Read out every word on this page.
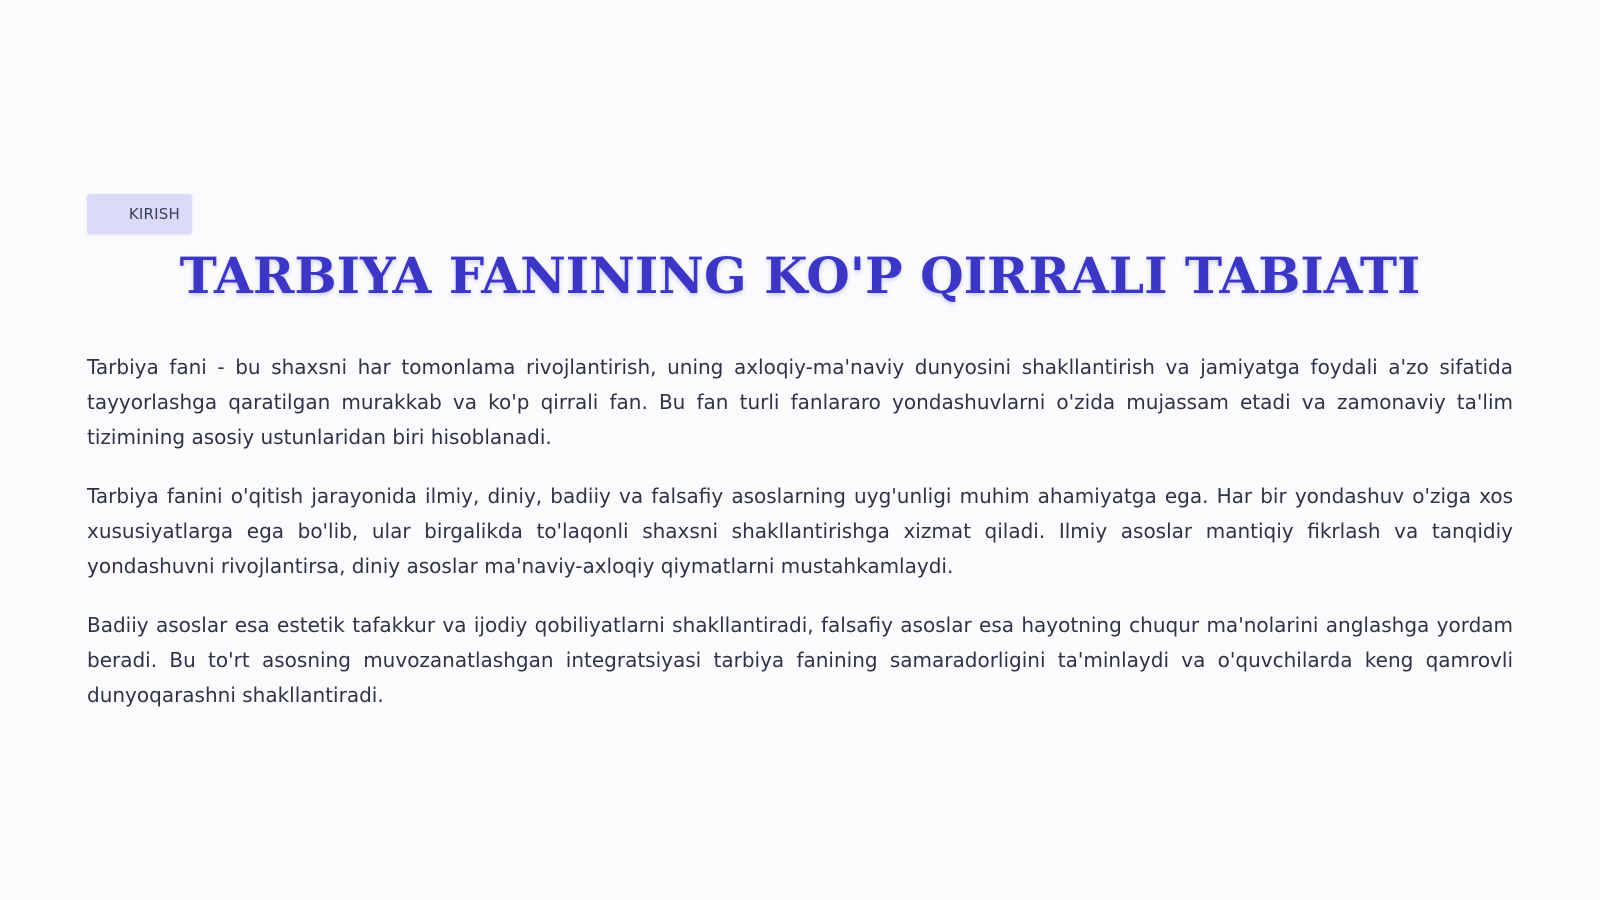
KIRISH
TARBIYA FANINING KO'P QIRRALI TABIATI

Tarbiya fani - bu shaxsni har tomonlama rivojlantirish, uning axloqiy-ma'naviy dunyosini shakllantirish va jamiyatga foydali a'zo sifatida tayyorlashga qaratilgan murakkab va ko'p qirrali fan. Bu fan turli fanlararo yondashuvlarni o'zida mujassam etadi va zamonaviy ta'lim tizimining asosiy ustunlaridan biri hisoblanadi.

Tarbiya fanini o'qitish jarayonida ilmiy, diniy, badiiy va falsafiy asoslarning uyg'unligi muhim ahamiyatga ega. Har bir yondashuv o'ziga xos xususiyatlarga ega bo'lib, ular birgalikda to'laqonli shaxsni shakllantirishga xizmat qiladi. Ilmiy asoslar mantiqiy fikrlash va tanqidiy yondashuvni rivojlantirsa, diniy asoslar ma'naviy-axloqiy qiymatlarni mustahkamlaydi.

Badiiy asoslar esa estetik tafakkur va ijodiy qobiliyatlarni shakllantiradi, falsafiy asoslar esa hayotning chuqur ma'nolarini anglashga yordam beradi. Bu to'rt asosning muvozanatlashgan integratsiyasi tarbiya fanining samaradorligini ta'minlaydi va o'quvchilarda keng qamrovli dunyoqarashni shakllantiradi.
